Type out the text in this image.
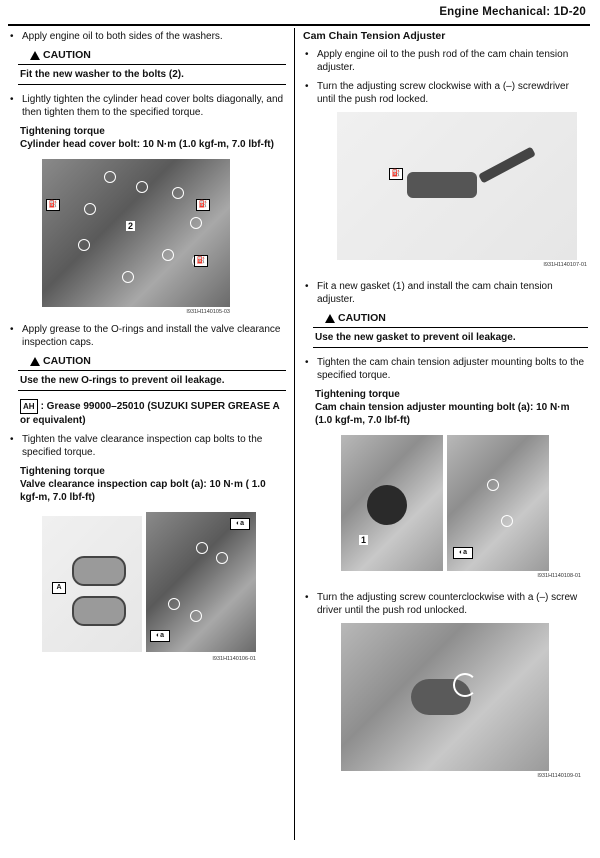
Engine Mechanical: 1D-20
• Apply engine oil to both sides of the washers.
CAUTION
Fit the new washer to the bolts (2).
• Lightly tighten the cylinder head cover bolts diagonally, and then tighten them to the specified torque.
Tightening torque
Cylinder head cover bolt: 10 N·m (1.0 kgf-m, 7.0 lbf-ft)
⛽	⛽
⛽
2
I931H1140105-03
• Apply grease to the O-rings and install the valve clearance inspection caps.
CAUTION
Use the new O-rings to prevent oil leakage.
AH : Grease 99000–25010 (SUZUKI SUPER GREASE A or equivalent)
• Tighten the valve clearance inspection cap bolts to the specified torque.
Tightening torque
Valve clearance inspection cap bolt (a): 10 N·m ( 1.0 kgf-m, 7.0 lbf-ft)
A
◐a
◐a
I931H1140106-01
Cam Chain Tension Adjuster
• Apply engine oil to the push rod of the cam chain tension adjuster.
• Turn the adjusting screw clockwise with a (–) screwdriver until the push rod locked.
⛽
I931H1140107-01
• Fit a new gasket (1) and install the cam chain tension adjuster.
CAUTION
Use the new gasket to prevent oil leakage.
• Tighten the cam chain tension adjuster mounting bolts to the specified torque.
Tightening torque
Cam chain tension adjuster mounting bolt (a): 10 N·m (1.0 kgf-m, 7.0 lbf-ft)
1
◐a
I931H1140108-01
• Turn the adjusting screw counterclockwise with a (–) screw driver until the push rod unlocked.
I931H1140109-01
